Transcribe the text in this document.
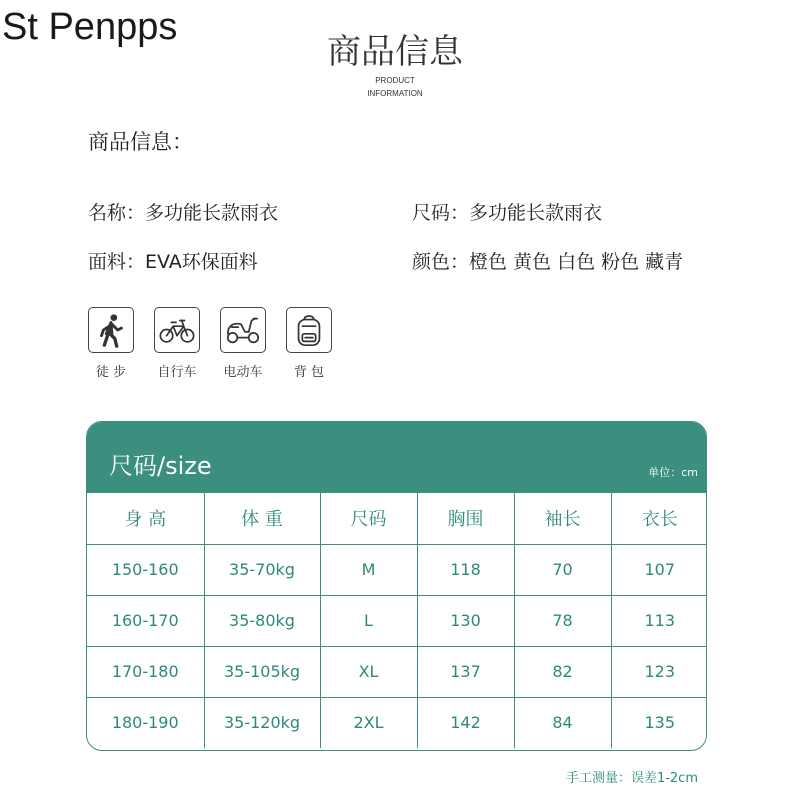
St Penpps
商品信息
PRODUCT
INFORMATION
商品信息：
名称：多功能长款雨衣	尺码：多功能长款雨衣
面料：EVA环保面料	颜色：橙色 黄色 白色 粉色 藏青
徒 步	自行车 电动车	背 包
尺码/size	单位：cm
身 高	体 重	尺码	胸围	袖长	衣长
150-160	35-70kg	M	118	70	107
160-170	35-80kg	L	130	78	113
170-180	35-105kg	XL	137	82	123
180-190	35-120kg	2XL	142	84	135
手工测量：误差1-2cm
